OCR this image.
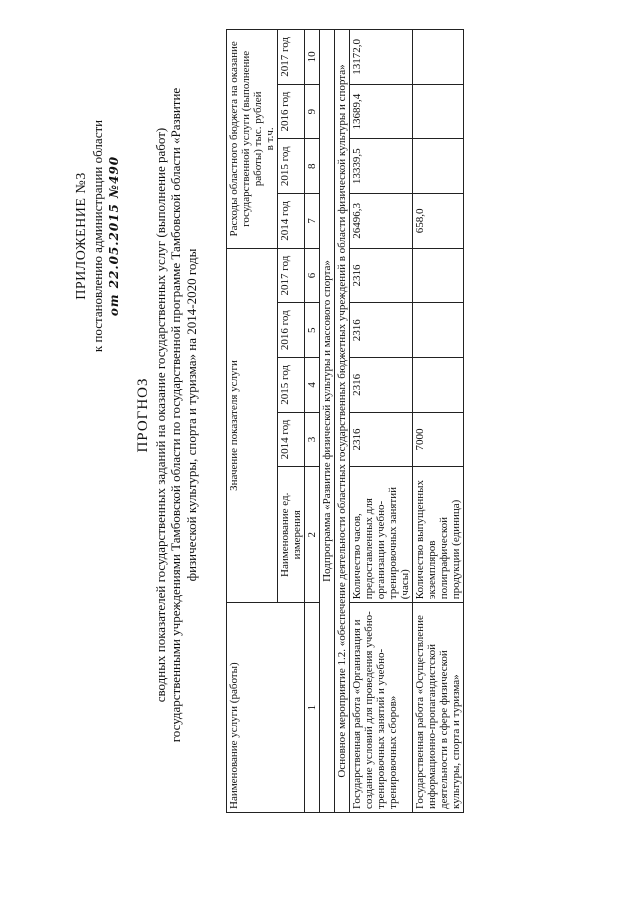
ПРИЛОЖЕНИЕ №3 к постановлению администрации области от 22.05.2015 №490
ПРОГНОЗ сводных показателей государственных заданий на оказание государственных услуг (выполнение работ) государственными учреждениями Тамбовской области по государственной программе Тамбовской области «Развитие физической культуры, спорта и туризма» на 2014-2020 годы
Наименование услуги (работы)	Значение показателя услуги					Расходы областного бюджета на оказание государственной услуги (выполнение работы) тыс. рублей
в т.ч.			
	Наименование ед. измерения	2014 год	2015 год	2016 год	2017 год	2014 год	2015 год	2016 год	2017 год
1	2	3	4	5	6	7	8	9	10
Подпрограмма «Развитие физической культуры и массового спорта»									
Основное мероприятие 1.2. «обеспечение деятельности областных государственных бюджетных учреждений в области физической культуры и спорта»									
Государственная работа «Организация и создание условий для проведения учебно-тренировочных занятий и учебно-тренировочных сборов»	Количество часов, предоставленных для организации учебно-тренировочных занятий (часы)	2316	2316	2316	2316	26496,3	13339,5	13689,4	13172,0
Государственная работа «Осуществление информационно-пропагандистской деятельности в сфере физической культуры, спорта и туризма»	Количество выпущенных экземпляров полиграфической продукции (единица)	7000				658,0			
